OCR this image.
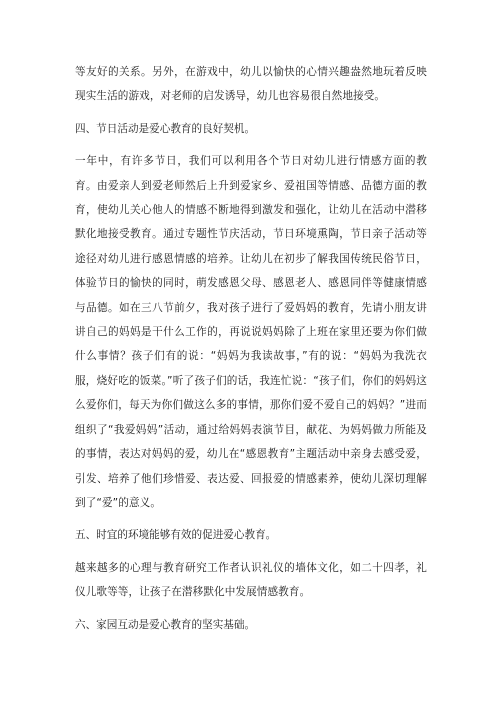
等友好的关系。另外，在游戏中，幼儿以愉快的心情兴趣盎然地玩着反映现实生活的游戏，对老师的启发诱导，幼儿也容易很自然地接受。

四、节日活动是爱心教育的良好契机。

一年中，有许多节日，我们可以利用各个节日对幼儿进行情感方面的教育。由爱亲人到爱老师然后上升到爱家乡、爱祖国等情感、品德方面的教育，使幼儿关心他人的情感不断地得到激发和强化，让幼儿在活动中潜移默化地接受教育。通过专题性节庆活动，节日环境熏陶，节日亲子活动等途径对幼儿进行感恩情感的培养。让幼儿在初步了解我国传统民俗节日，体验节日的愉快的同时，萌发感恩父母、感恩老人、感恩同伴等健康情感与品德。如在三八节前夕，我对孩子进行了爱妈妈的教育，先请小朋友讲讲自己的妈妈是干什么工作的，再说说妈妈除了上班在家里还要为你们做什么事情？孩子们有的说：“妈妈为我读故事，”有的说：“妈妈为我洗衣服，烧好吃的饭菜。”听了孩子们的话，我连忙说：“孩子们，你们的妈妈这么爱你们，每天为你们做这么多的事情，那你们爱不爱自己的妈妈？”进而组织了“我爱妈妈”活动，通过给妈妈表演节目，献花、为妈妈做力所能及的事情，表达对妈妈的爱，幼儿在“感恩教育”主题活动中亲身去感受爱，引发、培养了他们珍惜爱、表达爱、回报爱的情感素养，使幼儿深切理解到了“爱”的意义。

五、时宜的环境能够有效的促进爱心教育。

越来越多的心理与教育研究工作者认识礼仪的墙体文化，如二十四孝，礼仪儿歌等等，让孩子在潜移默化中发展情感教育。

六、家园互动是爱心教育的坚实基础。
